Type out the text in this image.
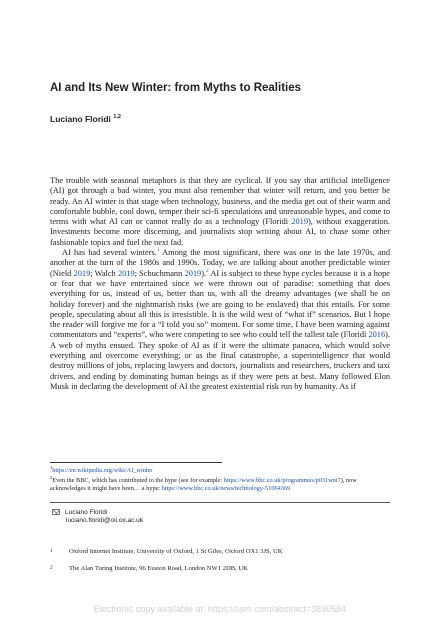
AI and Its New Winter: from Myths to Realities
Luciano Floridi $^{1,2}$

The trouble with seasonal metaphors is that they are cyclical. If you say that artificial intelligence (AI) got through a bad winter, you must also remember that winter will return, and you better be ready. An AI winter is that stage when technology, business, and the media get out of their warm and comfortable bubble, cool down, temper their sci-fi speculations and unreasonable hypes, and come to terms with what AI can or cannot really do as a technology (Floridi 2019), without exaggeration. Investments become more discerning, and journalists stop writing about AI, to chase some other fashionable topics and fuel the next fad.

AI has had several winters.$^1$ Among the most significant, there was one in the late 1970s, and another at the turn of the 1980s and 1990s. Today, we are talking about another predictable winter (Nield 2019; Walch 2019; Schuchmann 2019).$^2$ AI is subject to these hype cycles because it is a hope or fear that we have entertained since we were thrown out of paradise: something that does everything for us, instead of us, better than us, with all the dreamy advantages (we shall be on holiday forever) and the nightmarish risks (we are going to be enslaved) that this entails. For some people, speculating about all this is irresistible. It is the wild west of “what if” scenarios. But I hope the reader will forgive me for a “I told you so” moment. For some time, I have been warning against commentators and “experts”, who were competing to see who could tell the tallest tale (Floridi 2016). A web of myths ensued. They spoke of AI as if it were the ultimate panacea, which would solve everything and overcome everything; or as the final catastrophe, a superintelligence that would destroy millions of jobs, replacing lawyers and doctors, journalists and researchers, truckers and taxi drivers, and ending by dominating human beings as if they were pets at best. Many followed Elon Musk in declaring the development of AI the greatest existential risk run by humanity. As if

$^1$https://en.wikipedia.org/wiki/AI_winter

$^2$Even the BBC, which has contributed to the hype (see for example: https://www.bbc.co.uk/programmes/p031wnt7), now acknowledges it might have been… a hype: https://www.bbc.co.uk/news/technology-51064369

Luciano Floridi
luciano.floridi@oii.ox.ac.uk
1 Oxford Internet Institute, University of Oxford, 1 St Giles, Oxford OX1 3JS, UK
2 The Alan Turing Institute, 96 Euston Road, London NW1 2DB, UK
Electronic copy available at: https://ssrn.com/abstract=3830584
